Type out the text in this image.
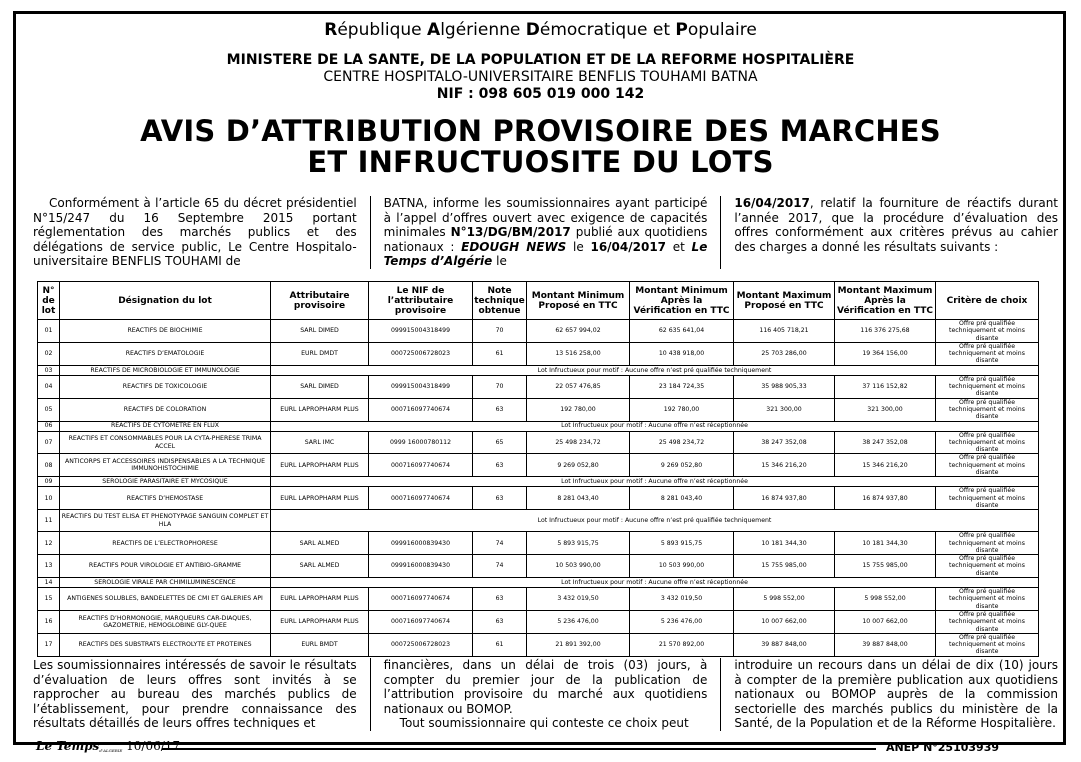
République Algérienne Démocratique et Populaire
MINISTERE DE LA SANTE, DE LA POPULATION ET DE LA REFORME HOSPITALIÈRE
CENTRE HOSPITALO-UNIVERSITAIRE BENFLIS TOUHAMI BATNA
NIF : 098 605 019 000 142
AVIS D’ATTRIBUTION PROVISOIRE DES MARCHES
ET INFRUCTUOSITE DU LOTS
Conformément à l’article 65 du décret présidentiel N°15/247 du 16 Septembre 2015 portant réglementation des marchés publics et des délégations de service public, Le Centre Hospitalo-universitaire BENFLIS TOUHAMI de
BATNA, informe les soumissionnaires ayant participé à l’appel d’offres ouvert avec exigence de capacités minimales N°13/DG/BM/2017 publié aux quotidiens nationaux : EDOUGH NEWS le 16/04/2017 et Le Temps d’Algérie le
16/04/2017, relatif la fourniture de réactifs durant l’année 2017, que la procédure d’évaluation des offres conformément aux critères prévus au cahier des charges a donné les résultats suivants :
N° de lot	Désignation du lot	Attributaire provisoire	Le NIF de l’attributaire provisoire	Note technique obtenue	Montant Minimum Proposé en TTC	Montant Minimum Après la Vérification en TTC	Montant Maximum Proposé en TTC	Montant Maximum Après la Vérification en TTC	Critère de choix
01	REACTIFS DE BIOCHIMIE	SARL DIMED	099915004318499	70	62 657 994,02	62 635 641,04	116 405 718,21	116 376 275,68	Offre pré qualifiée techniquement et moins disante
02	REACTIFS D’EMATOLOGIE	EURL DMDT	000725006728023	61	13 516 258,00	10 438 918,00	25 703 286,00	19 364 156,00	Offre pré qualifiée techniquement et moins disante
03	REACTIFS DE MICROBIOLOGIE ET IMMUNOLOGIE	Lot Infructueux pour motif : Aucune offre n’est pré qualifiée techniquement							
04	REACTIFS DE TOXICOLOGIE	SARL DIMED	099915004318499	70	22 057 476,85	23 184 724,35	35 988 905,33	37 116 152,82	Offre pré qualifiée techniquement et moins disante
05	REACTIFS DE COLORATION	EURL LAPROPHARM PLUS	000716097740674	63	192 780,00	192 780,00	321 300,00	321 300,00	Offre pré qualifiée techniquement et moins disante
06	REACTIFS DE CYTOMETRE EN FLUX	Lot Infructueux pour motif : Aucune offre n’est réceptionnée							
07	REACTIFS ET CONSOMMABLES POUR LA CYTA-PHERESE TRIMA ACCEL	SARL IMC	0999 16000780112	65	25 498 234,72	25 498 234,72	38 247 352,08	38 247 352,08	Offre pré qualifiée techniquement et moins disante
08	ANTICORPS ET ACCESSOIRES INDISPENSABLES A LA TECHNIQUE IMMUNOHISTOCHIMIE	EURL LAPROPHARM PLUS	000716097740674	63	9 269 052,80	9 269 052,80	15 346 216,20	15 346 216,20	Offre pré qualifiée techniquement et moins disante
09	SEROLOGIE PARASITAIRE ET MYCOSIQUE	Lot Infructueux pour motif : Aucune offre n’est réceptionnée							
10	REACTIFS D’HEMOSTASE	EURL LAPROPHARM PLUS	000716097740674	63	8 281 043,40	8 281 043,40	16 874 937,80	16 874 937,80	Offre pré qualifiée techniquement et moins disante
11	REACTIFS DU TEST ELISA ET PHENOTYPAGE SANGUIN COMPLET ET HLA	Lot Infructueux pour motif : Aucune offre n’est pré qualifiée techniquement							
12	REACTIFS DE L’ELECTROPHORESE	SARL ALMED	099916000839430	74	5 893 915,75	5 893 915,75	10 181 344,30	10 181 344,30	Offre pré qualifiée techniquement et moins disante
13	REACTIFS POUR VIROLOGIE ET ANTIBIO-GRAMME	SARL ALMED	099916000839430	74	10 503 990,00	10 503 990,00	15 755 985,00	15 755 985,00	Offre pré qualifiée techniquement et moins disante
14	SEROLOGIE VIRALE PAR CHIMILUMINESCENCE	Lot Infructueux pour motif : Aucune offre n’est réceptionnée							
15	ANTIGENES SOLUBLES, BANDELETTES DE CMI ET GALERIES API	EURL LAPROPHARM PLUS	000716097740674	63	3 432 019,50	3 432 019,50	5 998 552,00	5 998 552,00	Offre pré qualifiée techniquement et moins disante
16	REACTIFS D’HORMONOGIE, MARQUEURS CAR-DIAQUES, GAZOMETRIE, HEMOGLOBINE GLY-QUEE	EURL LAPROPHARM PLUS	000716097740674	63	5 236 476,00	5 236 476,00	10 007 662,00	10 007 662,00	Offre pré qualifiée techniquement et moins disante
17	REACTIFS DES SUBSTRATS ELECTROLYTE ET PROTEINES	EURL BMDT	000725006728023	61	21 891 392,00	21 570 892,00	39 887 848,00	39 887 848,00	Offre pré qualifiée techniquement et moins disante
Les soumissionnaires intéressés de savoir le résultats d’évaluation de leurs offres sont invités à se rapprocher au bureau des marchés publics de l’établissement, pour prendre connaissance des résultats détaillés de leurs offres techniques et
financières, dans un délai de trois (03) jours, à compter du premier jour de la publication de l’attribution provisoire du marché aux quotidiens nationaux ou BOMOP.
Tout soumissionnaire qui conteste ce choix peut
introduire un recours dans un délai de dix (10) jours à compter de la première publication aux quotidiens nationaux ou BOMOP auprès de la commission sectorielle des marchés publics du ministère de la Santé, de la Population et de la Réforme Hospitalière.
Le Tempsd’ALGERIE 10/06/17	ANEP N°25103939
